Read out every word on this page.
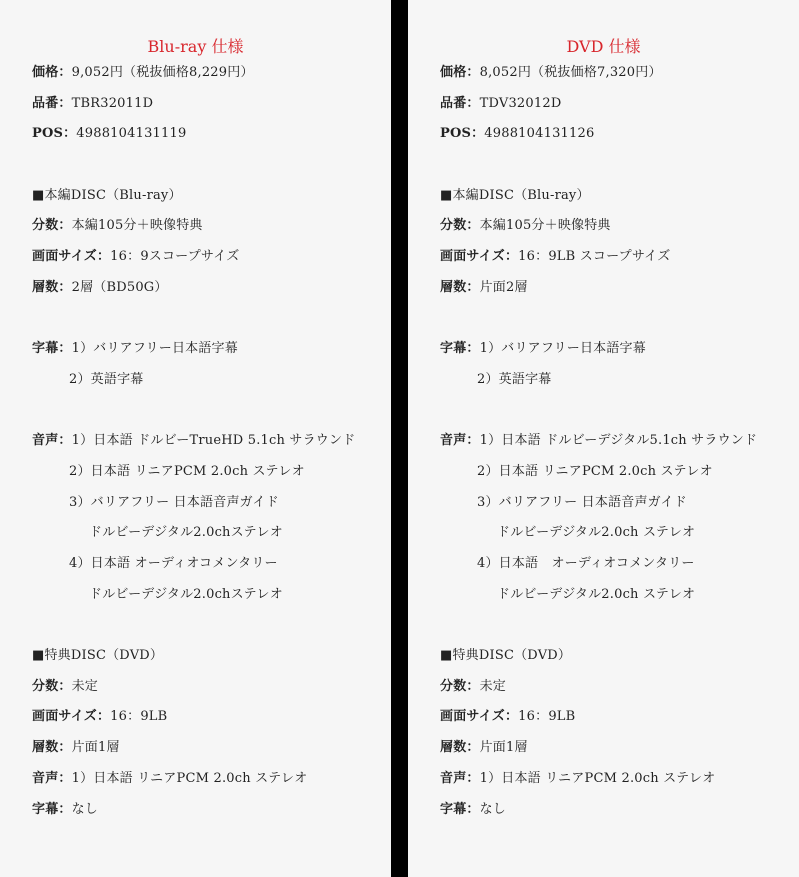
Blu-ray 仕様
価格：9,052円（税抜価格8,229円）
品番：TBR32011D
POS：4988104131119
■本編DISC（Blu-ray）
分数：本編105分＋映像特典
画面サイズ：16：9スコープサイズ
層数：2層（BD50G）
字幕：1）バリアフリー日本語字幕
2）英語字幕
音声：1）日本語 ドルビーTrueHD 5.1ch サラウンド
2）日本語 リニアPCM 2.0ch ステレオ
3）バリアフリー 日本語音声ガイド
ドルビーデジタル2.0chステレオ
4）日本語 オーディオコメンタリー
ドルビーデジタル2.0chステレオ
■特典DISC（DVD）
分数：未定
画面サイズ：16：9LB
層数：片面1層
音声：1）日本語 リニアPCM 2.0ch ステレオ
字幕：なし
DVD 仕様
価格：8,052円（税抜価格7,320円）
品番：TDV32012D
POS：4988104131126
■本編DISC（Blu-ray）
分数：本編105分＋映像特典
画面サイズ：16：9LB スコープサイズ
層数：片面2層
字幕：1）バリアフリー日本語字幕
2）英語字幕
音声：1）日本語 ドルビーデジタル5.1ch サラウンド
2）日本語 リニアPCM 2.0ch ステレオ
3）バリアフリー 日本語音声ガイド
ドルビーデジタル2.0ch ステレオ
4）日本語　オーディオコメンタリー
ドルビーデジタル2.0ch ステレオ
■特典DISC（DVD）
分数：未定
画面サイズ：16：9LB
層数：片面1層
音声：1）日本語 リニアPCM 2.0ch ステレオ
字幕：なし
